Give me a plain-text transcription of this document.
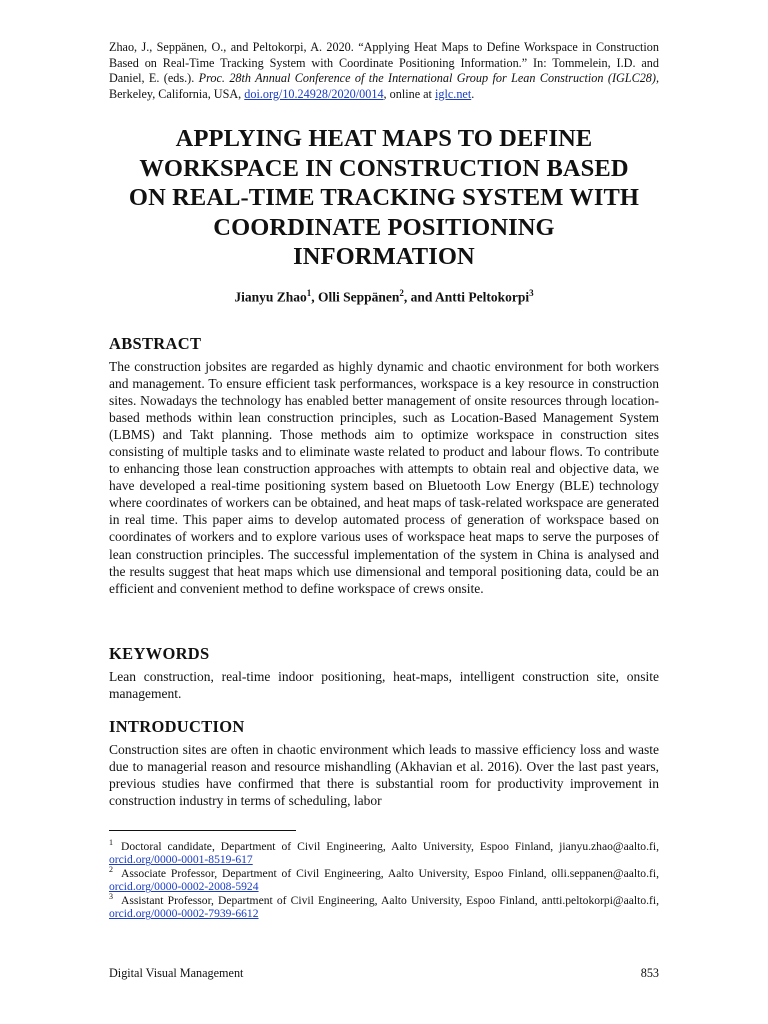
Zhao, J., Seppänen, O., and Peltokorpi, A. 2020. “Applying Heat Maps to Define Workspace in Construction Based on Real-Time Tracking System with Coordinate Positioning Information.” In: Tommelein, I.D. and Daniel, E. (eds.). Proc. 28th Annual Conference of the International Group for Lean Construction (IGLC28), Berkeley, California, USA, doi.org/10.24928/2020/0014, online at iglc.net.
APPLYING HEAT MAPS TO DEFINE
WORKSPACE IN CONSTRUCTION BASED
ON REAL-TIME TRACKING SYSTEM WITH
COORDINATE POSITIONING
INFORMATION
Jianyu Zhao$^1$, Olli Seppänen$^2$, and Antti Peltokorpi$^3$
ABSTRACT
The construction jobsites are regarded as highly dynamic and chaotic environment for both workers and management. To ensure efficient task performances, workspace is a key resource in construction sites. Nowadays the technology has enabled better management of onsite resources through location-based methods within lean construction principles, such as Location-Based Management System (LBMS) and Takt planning. Those methods aim to optimize workspace in construction sites consisting of multiple tasks and to eliminate waste related to product and labour flows. To contribute to enhancing those lean construction approaches with attempts to obtain real and objective data, we have developed a real-time positioning system based on Bluetooth Low Energy (BLE) technology where coordinates of workers can be obtained, and heat maps of task-related workspace are generated in real time. This paper aims to develop automated process of generation of workspace based on coordinates of workers and to explore various uses of workspace heat maps to serve the purposes of lean construction principles. The successful implementation of the system in China is analysed and the results suggest that heat maps which use dimensional and temporal positioning data, could be an efficient and convenient method to define workspace of crews onsite.
KEYWORDS
Lean construction, real-time indoor positioning, heat-maps, intelligent construction site, onsite management.
INTRODUCTION
Construction sites are often in chaotic environment which leads to massive efficiency loss and waste due to managerial reason and resource mishandling (Akhavian et al. 2016). Over the last past years, previous studies have confirmed that there is substantial room for productivity improvement in construction industry in terms of scheduling, labor
$^1$ Doctoral candidate, Department of Civil Engineering, Aalto University, Espoo Finland, jianyu.zhao@aalto.fi, orcid.org/0000-0001-8519-617
$^2$ Associate Professor, Department of Civil Engineering, Aalto University, Espoo Finland, olli.seppanen@aalto.fi, orcid.org/0000-0002-2008-5924
$^3$ Assistant Professor, Department of Civil Engineering, Aalto University, Espoo Finland, antti.peltokorpi@aalto.fi, orcid.org/0000-0002-7939-6612
Digital Visual Management	853
